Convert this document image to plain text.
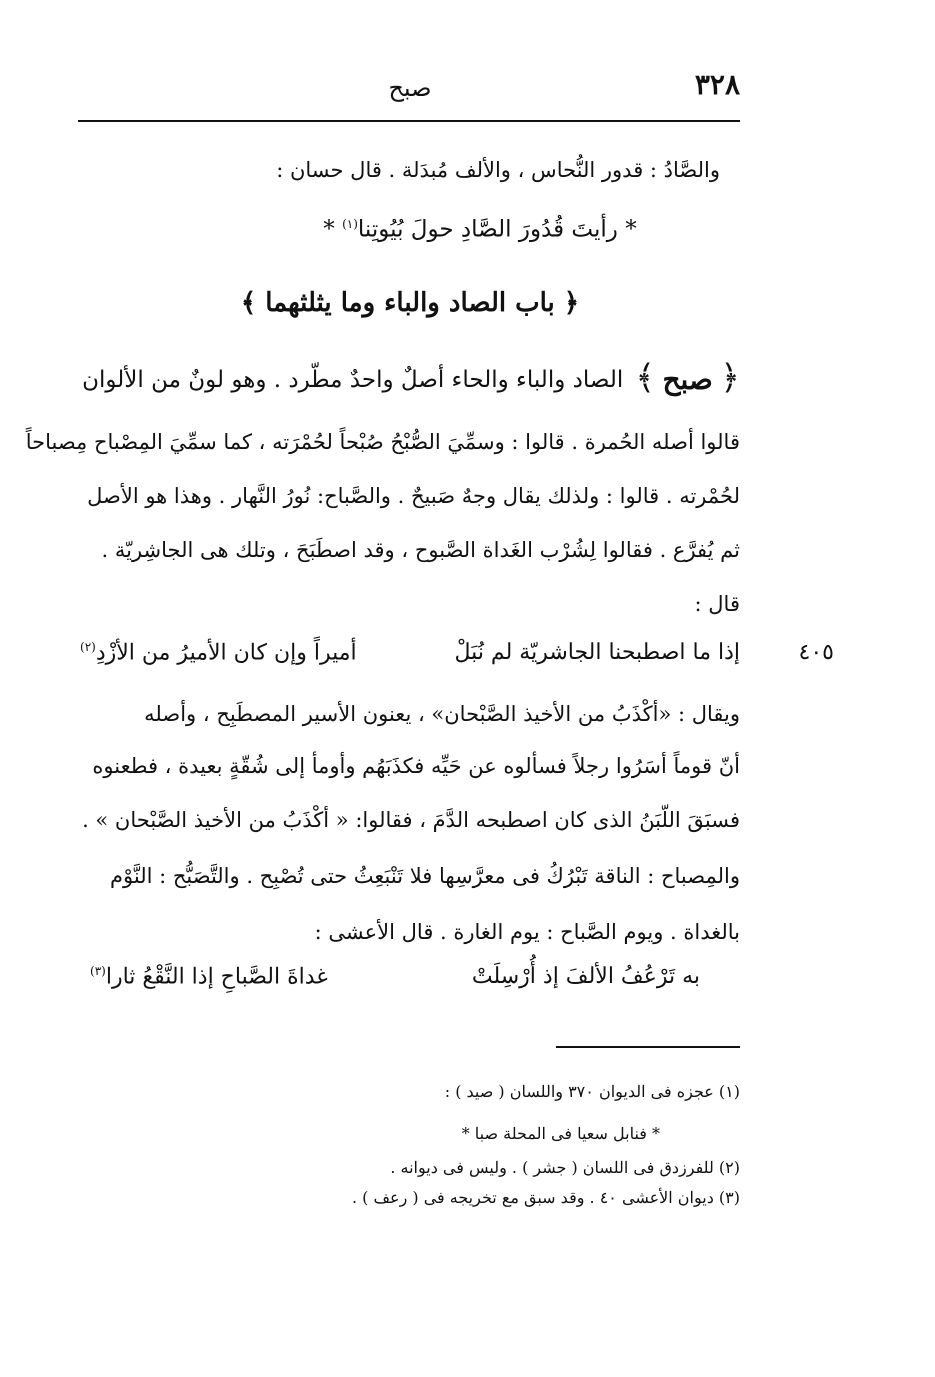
٣٢٨
صبح
والصَّادُ : قدور النُّحاس ، والألف مُبدَلة . قال حسان :
* رأيتَ قُدُورَ الصَّادِ حولَ بُيُوتِنا$^{(١)}$ *
﴿ باب الصاد والباء وما يثلثهما ﴾
﴿ صبح ﴾
الصاد والباء والحاء أصلٌ واحدٌ مطّرد . وهو لونٌ من الألوان
قالوا أصله الحُمرة . قالوا : وسمِّيَ الصُّبْحُ صُبْحاً لحُمْرَته ، كما سمِّيَ المِصْباح مِصباحاً
لحُمْرته . قالوا : ولذلك يقال وجهٌ صَبيحٌ . والصَّباح: نُورُ النَّهار . وهذا هو الأصل
ثم يُفرَّع . فقالوا لِشُرْب الغَداة الصَّبوح ، وقد اصطَبَحَ ، وتلك هى الجاشِريّة .
قال :
٤٠٥
إذا ما اصطبحنا الجاشريّة لم نُبَلْ
أميراً وإن كان الأميرُ من الأزْدِ$^{(٢)}$
ويقال : «أكْذَبُ من الأخيذ الصَّبْحان» ، يعنون الأسير المصطَبِح ، وأصله
أنّ قوماً أسَرُوا رجلاً فسألوه عن حَيِّه فكذَبَهُم وأومأ إلى شُقّةٍ بعيدة ، فطعنوه
فسبَقَ اللّبَنُ الذى كان اصطبحه الدَّمَ ، فقالوا: « أكْذَبُ من الأخيذ الصَّبْحان » .
والمِصباح : الناقة تَبْرُكُ فى معرَّسِها فلا تَنْبَعِثُ حتى تُصْبِح . والتَّصَبُّح : النَّوْم
بالغداة . ويوم الصَّباح : يوم الغارة . قال الأعشى :
به تَرْعُفُ الألفَ إذ أُرْسِلَتْ
غداةَ الصَّباحِ إذا النَّقْعُ ثارا$^{(٣)}$
(١) عجزه فى الديوان ٣٧٠ واللسان ( صيد ) :
* فنابل سعيا فى المحلة صبا *
(٢) للفرزدق فى اللسان ( جشر ) . وليس فى ديوانه .
(٣) ديوان الأعشى ٤٠ . وقد سبق مع تخريجه فى ( رعف ) .
